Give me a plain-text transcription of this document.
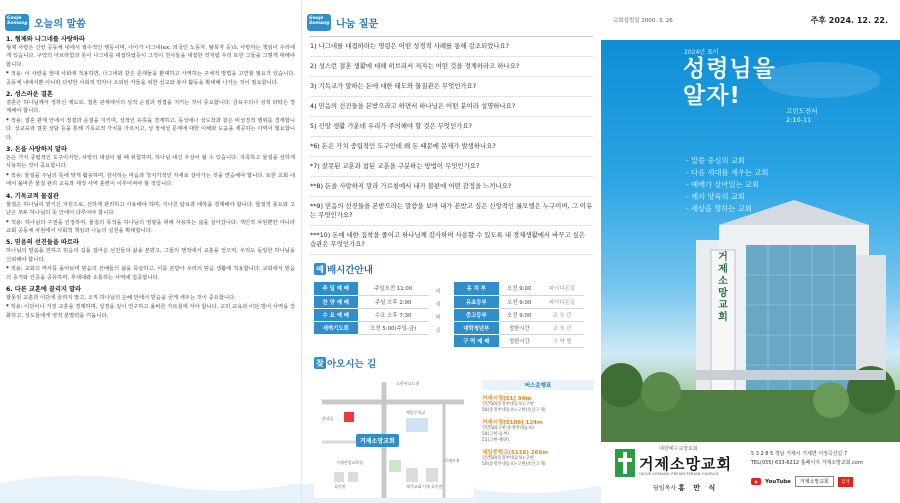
Geoje Somang 오늘의 말씀
1. 형제와 나그네를 사랑하라
형제 사랑은 신앙 공동체 내에서 필수적인 행동이며, 나아가 나그네(ex. 외국인 노동자, 탈북자 등)도 사랑하는 책임이 우리에게 있습니다. 구약의 아브라함과 롯이 나그네를 대접하였듯이 그것이 천사들을 대접한 것처럼 우리 또한 그들을 그렇게 대해야 합니다.
* 적용: 이 사랑을 현대 사회에 적용하면, 나그네와 같은 존재들을 환대하고 사역하는 구체적 방법을 고민할 필요가 있습니다. 공동체 내에서뿐 아니라 다양한 사회적 약자나 소외된 자들을 위한 선교와 봉사 활동을 확대해 나가는 것이 필요합니다.
2. 성스러운 결혼
결혼은 하나님께서 정하신 제도로, 결혼 관계에서의 성적 순결과 정결을 지키는 것이 중요합니다. 금욕주의나 성적 타락은 경계해야 합니다.
* 적용: 결혼 관계 안에서 정결과 순결을 지키며, 성적인 유혹을 경계하고, 동성애나 성도착과 같은 비성경적 행위를 경계합니다. 성교육과 결혼 상담 등을 통해 기독교적 가치를 가르치고, 성 정체성 문제에 대한 이해와 도움을 제공하는 사역이 필요합니다.
3. 돈을 사랑하지 말라
돈은 가치 중립적인 도구이지만, 사랑의 대상이 될 때 위험하며, 하나님 대신 우상이 될 수 있습니다. 자족하고 물질을 선하게 사용하는 것이 중요합니다.
* 적용: 물질을 주님의 뜻에 맞게 활용하며, 감사하는 마음과 청지기적인 자세로 살아가는 것을 연습해야 합니다. 또한 교회 내에서 올바른 물질 관리 교육과 재정 사역 훈련이 이루어져야 할 것입니다.
4. 기독교적 물질관
물질은 하나님이 맡기신 자원으로, 선하게 관리하고 사용해야 하며, 지나친 탐욕과 애착을 경계해야 합니다. 물질적 풍요와 고난은 모두 하나님의 뜻 안에서 다루어야 합니다.
* 적용: 하나님의 주권을 인정하며, 물질의 목적을 하나님의 영광을 위해 사용하는 삶을 살아갑니다. 개인적 차원뿐만 아니라 교회 공동체 차원에서 사회적 책임과 나눔의 실천을 확대합니다.
5. 믿음의 선진들을 따르라
하나님의 말씀을 전하고 믿음의 길을 걸어온 선진들의 삶을 본받고, 그들의 행적에서 교훈을 얻으며, 우리도 동일한 하나님을 신뢰해야 합니다.
* 적용: 교회의 역사를 돌아보며 믿음의 선배들의 삶을 묵상하고, 이를 본받아 우리의 믿음 생활에 적용합니다. 교회에서 믿음의 증거와 간증을 공유하며, 후세대와 소통하는 사역에 집중합니다.
6. 다른 교훈에 끌리지 말라
잘못된 교훈과 이단에 끌리지 말고, 오직 하나님의 은혜 안에서 믿음을 굳게 세우는 것이 중요합니다.
* 적용: 이단이나 거짓 교훈을 경계하며, 성경을 깊이 연구하고 올바른 가르침에 서야 합니다. 교리 교육과 이단 방어 사역을 강화하고, 성도들에게 영적 분별력을 키웁니다.
Geoje Somang 나눔 질문
1) 나그네를 대접하라는 명령은 어떤 성경적 사례를 통해 강조되었나요?
2) 성스런 결혼 생활에 대해 히브리서 저자는 어떤 것을 경계하라고 하나요?
3) 기독교가 말하는 돈에 대한 태도와 물질관은 무엇인가요?
4) 믿음의 선진들을 본받으라고 하면서 하나님은 어떤 분이라 설명하나요?
5) 신앙 생활 가운데 우리가 주의해야 할 것은 무엇인가요?
*6) 돈은 가치 중립적인 도구인데 왜 돈 때문에 문제가 발생하나요?
*7) 잘못된 교훈과 참된 교훈을 구분하는 방법이 무엇인가요?
**8) 돈을 사랑하지 말라 가르침에서 내가 불편에 어떤 감정을 느끼나요?
**9) 믿음의 선진들을 본받으라는 말씀을 보며 내가 본받고 싶은 신앙적인 롤모델은 누구이며, 그 이유는 무엇인가요?
***10) 돈에 대한 집착을 줄이고 하나님께 감사하며 사용할 수 있도록 내 경제생활에서 바꾸고 싶은 습관은 무엇인가요?
예 배시간안내
주 일 예 배	주일오전 11:00
찬 양 예 배	주일 오후 2:00
수 요 예 배	수요 오후 7:30
새벽기도회	오전 5:00(주일-금)
대
예
배
실
유 치 부	오전 9:00	파이디온실
유초등부	오전 9:00	파이디온실
중고등부	오전 9:00	교 육 관
대학청년부	정한시간	교 육 관
구 역 예 배	정한시간	구 역 별
찾 아오시는 길
고현어나드림
산다들
거제산림교육원
제일중학교
거제시청
재가교회 거제 호민관
호민관
거제소망교회
버스운행표
거제시청(51) 94m
일반50(송정부대동보)-고현
50(송정부대동보)-고현(옥산고개)
거제시청(5106) 124m
일반50(고현-송정부대동보)
50(고현-동부)
51(고현-해양)
제일중학교(5116) 266m
일반50(송정부대동보)-고현
50(송정부대동보)-고현(옥산고개)
교회설립일 2000. 3. 26	주후 2024. 12. 22.
거제소망교회
2024년 표어
성령님을
알자!
고린도전서
2:10-11
- 말씀 중심의 교회
- 다음 세대를 세우는 교회
- 예배가 살아있는 교회
- 제자 양육의 교회
- 세상을 향하는 교회
대한예수교장로회
거제소망교회
GEOJE SOMANG PRESBYTERIAN CHURCH
담임목사 홍 만 식
5 3 2 8 5 경남 거제시 거제면 서정곡산길 7
TEL(055) 633-6212 홈페이지 거제소망교회.com
YouTube	거제소망교회	검색
